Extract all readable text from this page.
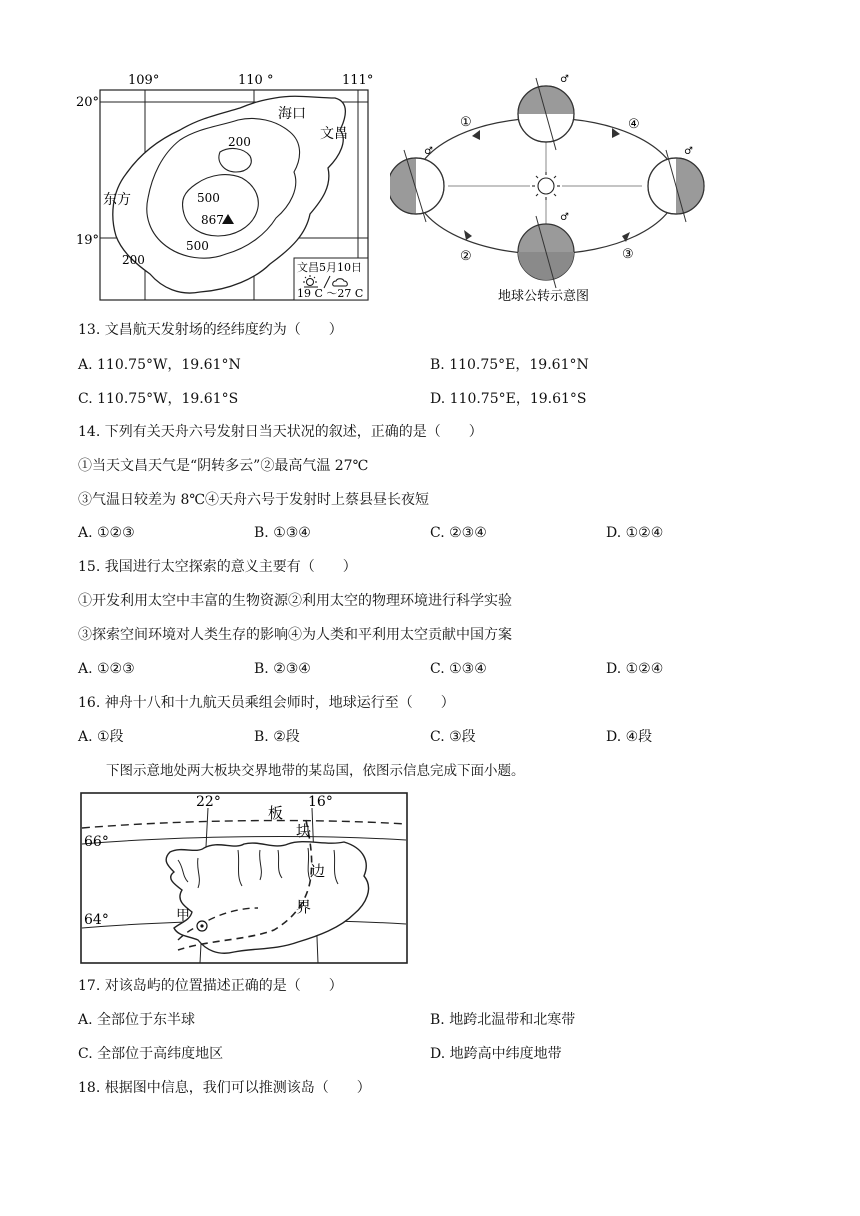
109°	110 °	111°
20°
19°
海口
文昌
东方
200
500
500
200
867
文昌5月10日
19 C ～27 C
♂
♂	♂
♂
①
②	③
④
地球公转示意图
13. 文昌航天发射场的经纬度约为（　　）
A. 110.75°W，19.61°N	B. 110.75°E，19.61°N
C. 110.75°W，19.61°S	D. 110.75°E，19.61°S
14. 下列有关天舟六号发射日当天状况的叙述，正确的是（　　）
①当天文昌天气是“阴转多云”②最高气温 27℃
③气温日较差为 8℃④天舟六号于发射时上蔡县昼长夜短
A. ①②③	B. ①③④	C. ②③④	D. ①②④
15. 我国进行太空探索的意义主要有（　　）
①开发利用太空中丰富的生物资源②利用太空的物理环境进行科学实验
③探索空间环境对人类生存的影响④为人类和平利用太空贡献中国方案
A. ①②③	B. ②③④	C. ①③④	D. ①②④
16. 神舟十八和十九航天员乘组会师时，地球运行至（　　）
A. ①段	B. ②段	C. ③段	D. ④段
下图示意地处两大板块交界地带的某岛国，依图示信息完成下面小题。
22°	16°
66°
64°
板
块
边
界
甲
17. 对该岛屿的位置描述正确的是（　　）
A. 全部位于东半球	B. 地跨北温带和北寒带
C. 全部位于高纬度地区	D. 地跨高中纬度地带
18. 根据图中信息，我们可以推测该岛（　　）
